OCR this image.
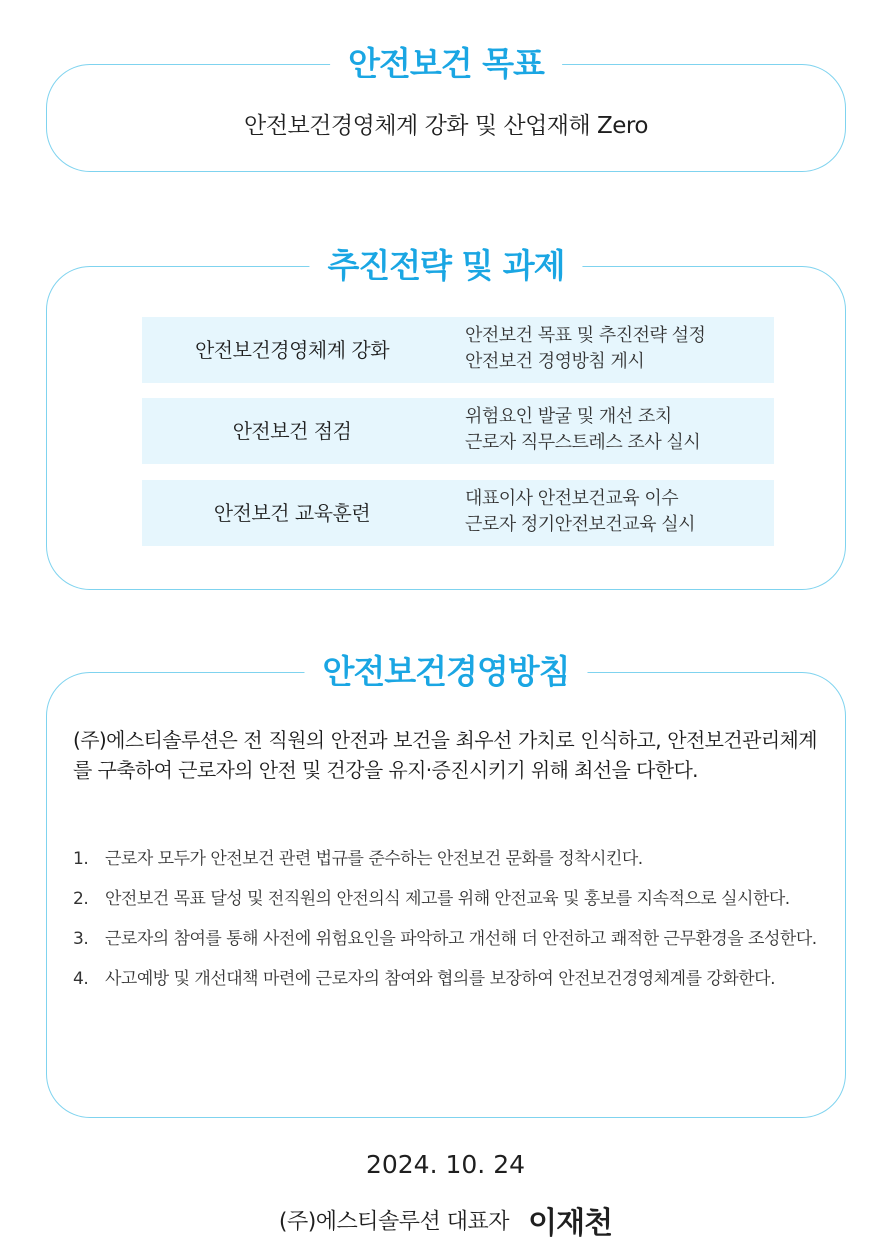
안전보건 목표
안전보건경영체계 강화 및 산업재해 Zero
추진전략 및 과제
안전보건경영체계 강화
안전보건 목표 및 추진전략 설정
안전보건 경영방침 게시
안전보건 점검
위험요인 발굴 및 개선 조치
근로자 직무스트레스 조사 실시
안전보건 교육훈련
대표이사 안전보건교육 이수
근로자 정기안전보건교육 실시
안전보건경영방침
(주)에스티솔루션은 전 직원의 안전과 보건을 최우선 가치로 인식하고, 안전보건관리체계를 구축하여 근로자의 안전 및 건강을 유지·증진시키기 위해 최선을 다한다.
1. 근로자 모두가 안전보건 관련 법규를 준수하는 안전보건 문화를 정착시킨다.
2. 안전보건 목표 달성 및 전직원의 안전의식 제고를 위해 안전교육 및 홍보를 지속적으로 실시한다.
3. 근로자의 참여를 통해 사전에 위험요인을 파악하고 개선해 더 안전하고 쾌적한 근무환경을 조성한다.
4. 사고예방 및 개선대책 마련에 근로자의 참여와 협의를 보장하여 안전보건경영체계를 강화한다.
2024. 10. 24
(주)에스티솔루션 대표자 이재천
